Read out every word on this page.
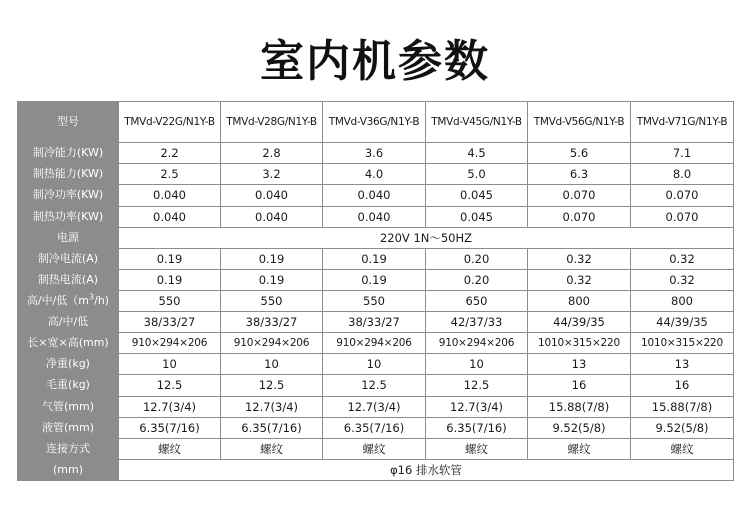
室内机参数
型号	TMVd-V22G/N1Y-B	TMVd-V28G/N1Y-B	TMVd-V36G/N1Y-B	TMVd-V45G/N1Y-B	TMVd-V56G/N1Y-B	TMVd-V71G/N1Y-B
制冷能力(KW)	2.2	2.8	3.6	4.5	5.6	7.1
制热能力(KW)	2.5	3.2	4.0	5.0	6.3	8.0
制冷功率(KW)	0.040	0.040	0.040	0.045	0.070	0.070
制热功率(KW)	0.040	0.040	0.040	0.045	0.070	0.070
电源	220V 1N～50HZ					
制冷电流(A)	0.19	0.19	0.19	0.20	0.32	0.32
制热电流(A)	0.19	0.19	0.19	0.20	0.32	0.32
高/中/低$(m^3/h)$	550	550	550	650	800	800
高/中/低	38/33/27	38/33/27	38/33/27	42/37/33	44/39/35	44/39/35
长×宽×高(mm)	910×294×206	910×294×206	910×294×206	910×294×206	1010×315×220	1010×315×220
净重(kg)	10	10	10	10	13	13
毛重(kg)	12.5	12.5	12.5	12.5	16	16
气管(mm)	12.7(3/4)	12.7(3/4)	12.7(3/4)	12.7(3/4)	15.88(7/8)	15.88(7/8)
液管(mm)	6.35(7/16)	6.35(7/16)	6.35(7/16)	6.35(7/16)	9.52(5/8)	9.52(5/8)
连接方式	螺纹	螺纹	螺纹	螺纹	螺纹	螺纹
(mm)	φ16 排水软管					
